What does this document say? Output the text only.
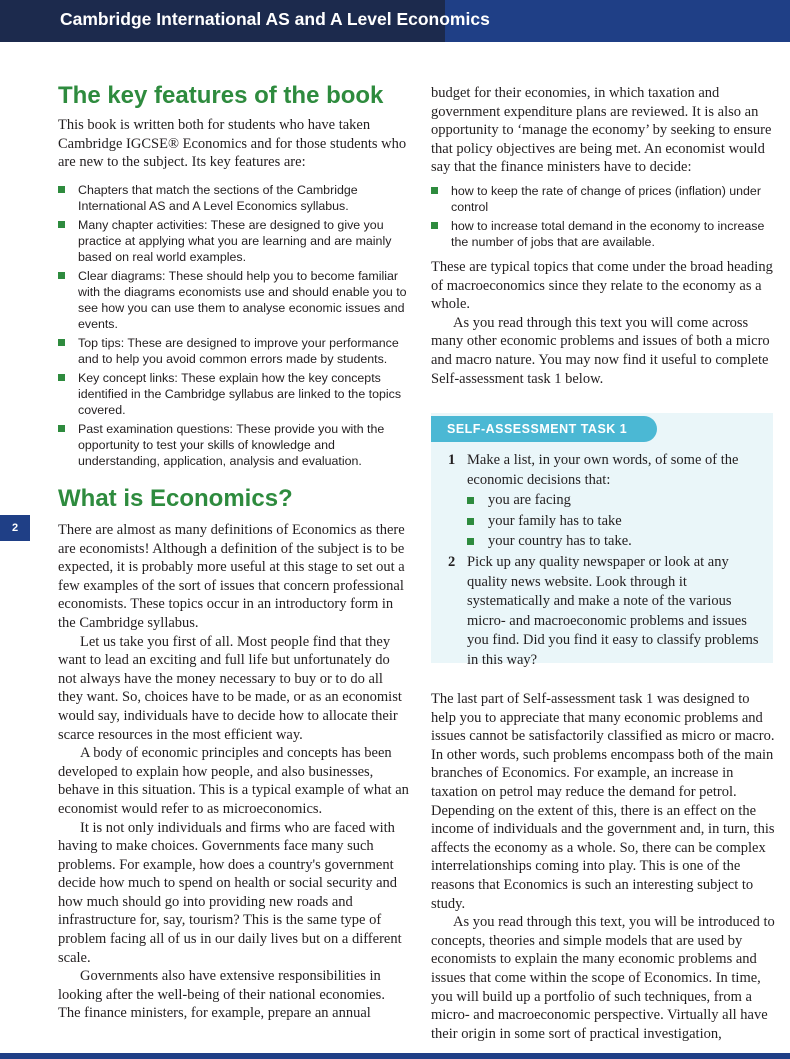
Cambridge International AS and A Level Economics
2
The key features of the book

This book is written both for students who have taken Cambridge IGCSE® Economics and for those students who are new to the subject. Its key features are:

Chapters that match the sections of the Cambridge International AS and A Level Economics syllabus.
Many chapter activities: These are designed to give you practice at applying what you are learning and are mainly based on real world examples.
Clear diagrams: These should help you to become familiar with the diagrams economists use and should enable you to see how you can use them to analyse economic issues and events.
Top tips: These are designed to improve your performance and to help you avoid common errors made by students.
Key concept links: These explain how the key concepts identified in the Cambridge syllabus are linked to the topics covered.
Past examination questions: These provide you with the opportunity to test your skills of knowledge and understanding, application, analysis and evaluation.
What is Economics?

There are almost as many definitions of Economics as there are economists! Although a definition of the subject is to be expected, it is probably more useful at this stage to set out a few examples of the sort of issues that concern professional economists. These topics occur in an introductory form in the Cambridge syllabus.

Let us take you first of all. Most people find that they want to lead an exciting and full life but unfortunately do not always have the money necessary to buy or to do all they want. So, choices have to be made, or as an economist would say, individuals have to decide how to allocate their scarce resources in the most efficient way.

A body of economic principles and concepts has been developed to explain how people, and also businesses, behave in this situation. This is a typical example of what an economist would refer to as microeconomics.

It is not only individuals and firms who are faced with having to make choices. Governments face many such problems. For example, how does a country's government decide how much to spend on health or social security and how much should go into providing new roads and infrastructure for, say, tourism? This is the same type of problem facing all of us in our daily lives but on a different scale.

Governments also have extensive responsibilities in looking after the well-being of their national economies. The finance ministers, for example, prepare an annual

budget for their economies, in which taxation and government expenditure plans are reviewed. It is also an opportunity to ‘manage the economy’ by seeking to ensure that policy objectives are being met. An economist would say that the finance ministers have to decide:

how to keep the rate of change of prices (inflation) under control
how to increase total demand in the economy to increase the number of jobs that are available.

These are typical topics that come under the broad heading of macroeconomics since they relate to the economy as a whole.

As you read through this text you will come across many other economic problems and issues of both a micro and macro nature. You may now find it useful to complete Self-assessment task 1 below.

SELF-ASSESSMENT TASK 1
1 Make a list, in your own words, of some of the economic decisions that:
you are facing
your family has to take
your country has to take.
2 Pick up any quality newspaper or look at any quality news website. Look through it systematically and make a note of the various micro- and macroeconomic problems and issues you find. Did you find it easy to classify problems in this way?

The last part of Self-assessment task 1 was designed to help you to appreciate that many economic problems and issues cannot be satisfactorily classified as micro or macro. In other words, such problems encompass both of the main branches of Economics. For example, an increase in taxation on petrol may reduce the demand for petrol. Depending on the extent of this, there is an effect on the income of individuals and the government and, in turn, this affects the economy as a whole. So, there can be complex interrelationships coming into play. This is one of the reasons that Economics is such an interesting subject to study.

As you read through this text, you will be introduced to concepts, theories and simple models that are used by economists to explain the many economic problems and issues that come within the scope of Economics. In time, you will build up a portfolio of such techniques, from a micro- and macroeconomic perspective. Virtually all have their origin in some sort of practical investigation,
